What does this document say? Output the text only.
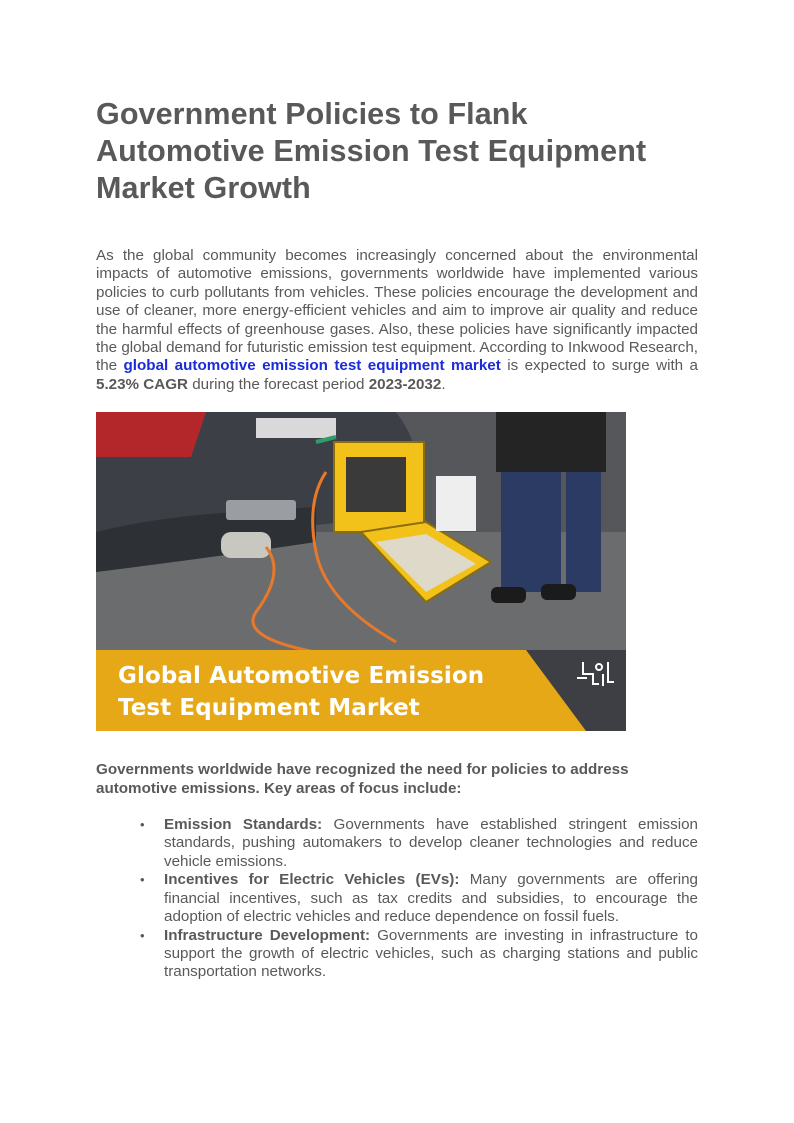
Government Policies to Flank
Automotive Emission Test Equipment
Market Growth

As the global community becomes increasingly concerned about the environmental impacts of automotive emissions, governments worldwide have implemented various policies to curb pollutants from vehicles. These policies encourage the development and use of cleaner, more energy-efficient vehicles and aim to improve air quality and reduce the harmful effects of greenhouse gases. Also, these policies have significantly impacted the global demand for futuristic emission test equipment. According to Inkwood Research, the global automotive emission test equipment market is expected to surge with a 5.23% CAGR during the forecast period 2023-2032.

Global Automotive Emission
Test Equipment Market

Governments worldwide have recognized the need for policies to address automotive emissions. Key areas of focus include:

• Emission Standards: Governments have established stringent emission standards, pushing automakers to develop cleaner technologies and reduce vehicle emissions.
• Incentives for Electric Vehicles (EVs): Many governments are offering financial incentives, such as tax credits and subsidies, to encourage the adoption of electric vehicles and reduce dependence on fossil fuels.
• Infrastructure Development: Governments are investing in infrastructure to support the growth of electric vehicles, such as charging stations and public transportation networks.
